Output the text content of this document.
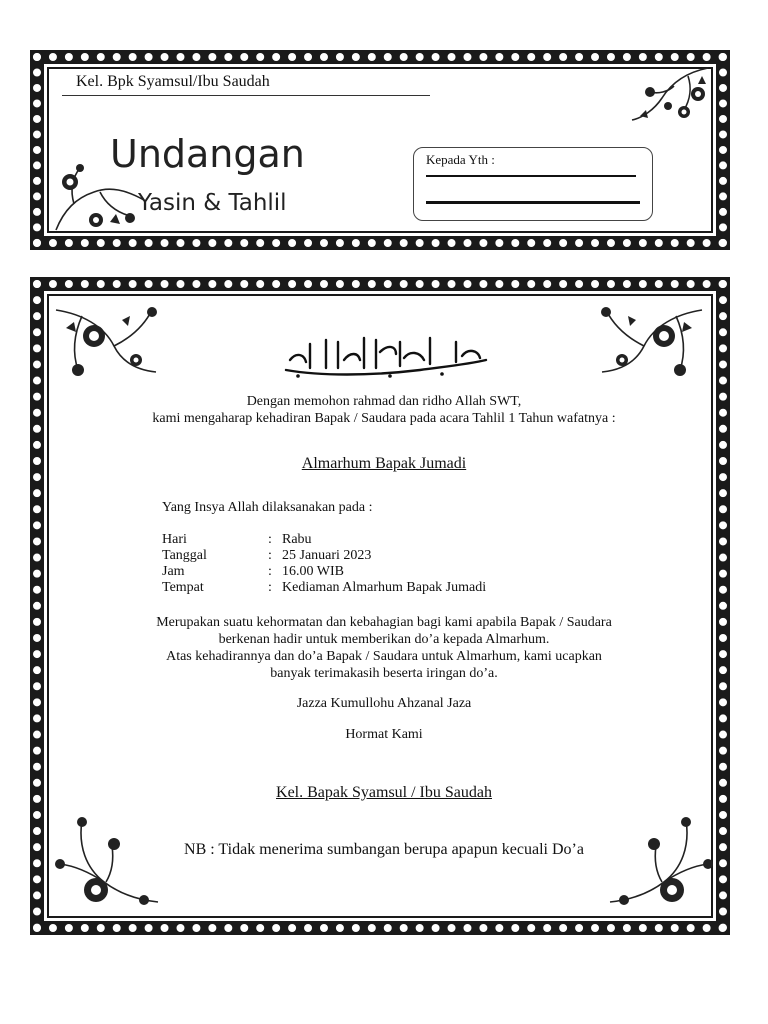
Kel. Bpk Syamsul/Ibu Saudah
Undangan
Yasin & Tahlil
Kepada Yth :
Dengan memohon rahmad dan ridho Allah SWT,
kami mengaharap kehadiran Bapak / Saudara pada acara Tahlil 1 Tahun wafatnya :
Almarhum Bapak Jumadi
Yang Insya Allah dilaksanakan pada :
Hari	:	Rabu
Tanggal	:	25 Januari 2023
Jam	:	16.00 WIB
Tempat	:	Kediaman Almarhum Bapak Jumadi
Merupakan suatu kehormatan dan kebahagian bagi kami apabila Bapak / Saudara
berkenan hadir untuk memberikan do’a kepada Almarhum.
Atas kehadirannya dan do’a Bapak / Saudara untuk Almarhum, kami ucapkan
banyak terimakasih beserta iringan do’a.
Jazza Kumullohu Ahzanal Jaza
Hormat Kami
Kel. Bapak Syamsul / Ibu Saudah
NB : Tidak menerima sumbangan berupa apapun kecuali Do’a
